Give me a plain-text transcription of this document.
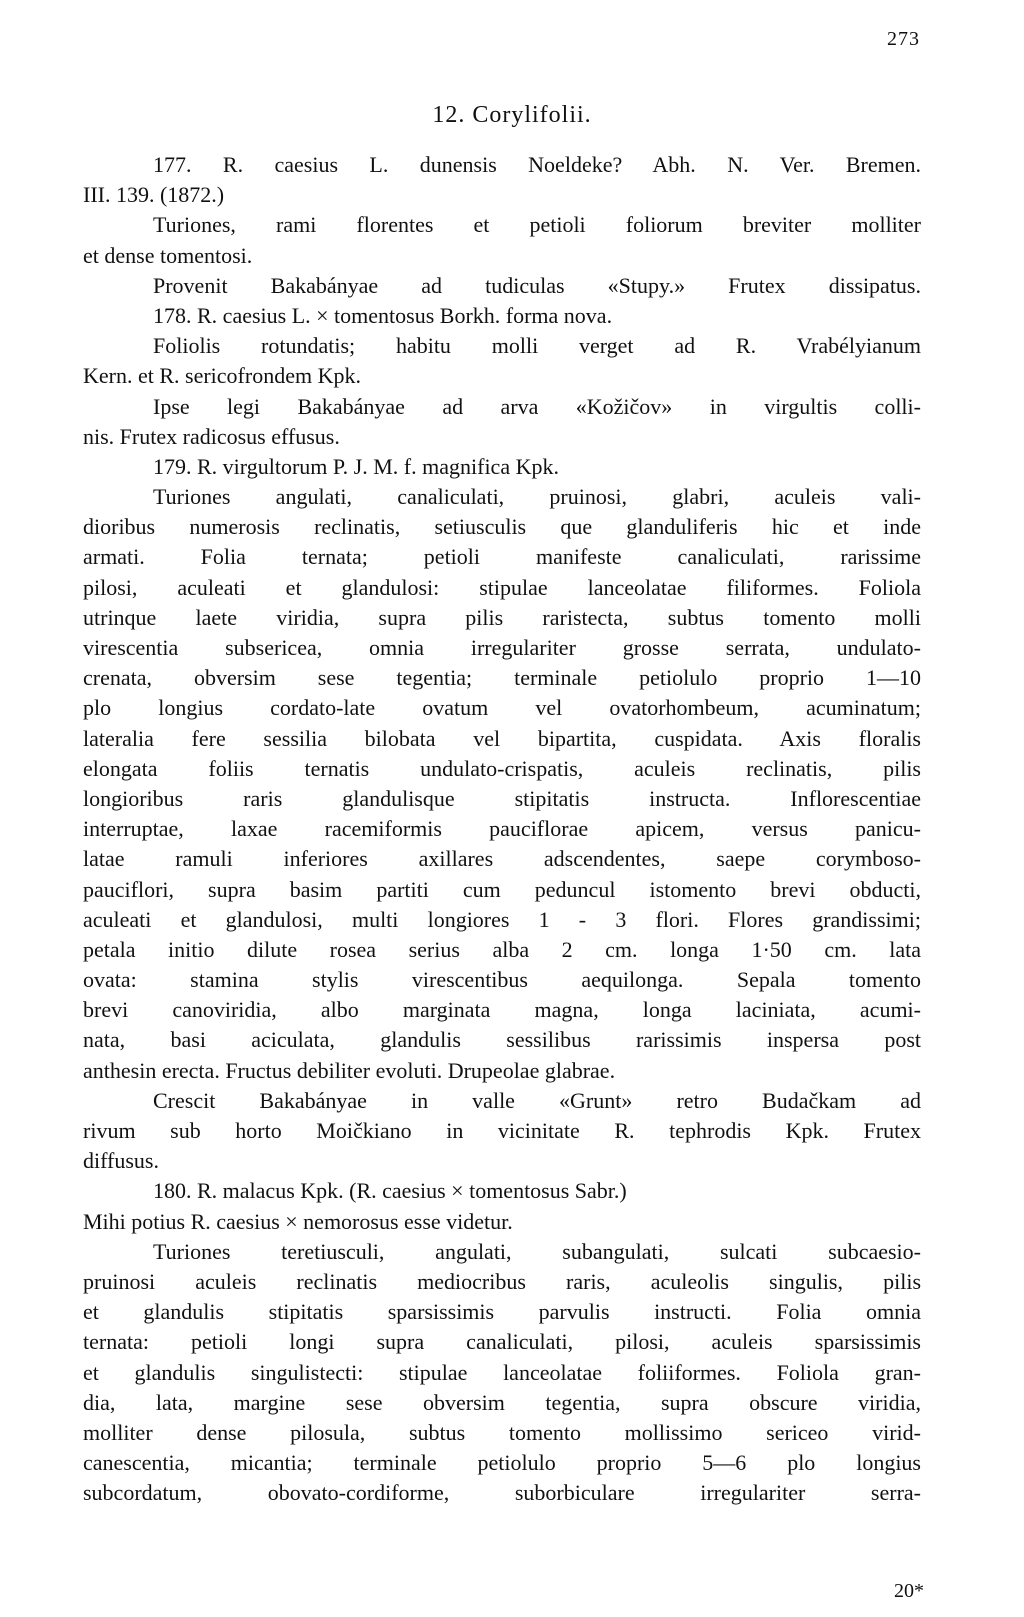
273
12. Corylifolii.
177. R. caesius L. dunensis Noeldeke? Abh. N. Ver. Bremen.
III. 139. (1872.)
Turiones, rami florentes et petioli foliorum breviter molliter
et dense tomentosi.
Provenit Bakabányae ad tudiculas «Stupy.» Frutex dissipatus.
178. R. caesius L. × tomentosus Borkh. forma nova.
Foliolis rotundatis; habitu molli verget ad R. Vrabélyianum
Kern. et R. sericofrondem Kpk.
Ipse legi Bakabányae ad arva «Kožičov» in virgultis colli-
nis. Frutex radicosus effusus.
179. R. virgultorum P. J. M. f. magnifica Kpk.
Turiones angulati, canaliculati, pruinosi, glabri, aculeis vali-
dioribus numerosis reclinatis, setiusculis que glanduliferis hic et inde
armati. Folia ternata; petioli manifeste canaliculati, rarissime
pilosi, aculeati et glandulosi: stipulae lanceolatae filiformes. Foliola
utrinque laete viridia, supra pilis raristecta, subtus tomento molli
virescentia subsericea, omnia irregulariter grosse serrata, undulato-
crenata, obversim sese tegentia; terminale petiolulo proprio 1—10
plo longius cordato-late ovatum vel ovatorhombeum, acuminatum;
lateralia fere sessilia bilobata vel bipartita, cuspidata. Axis floralis
elongata foliis ternatis undulato-crispatis, aculeis reclinatis, pilis
longioribus raris glandulisque stipitatis instructa. Inflorescentiae
interruptae, laxae racemiformis pauciflorae apicem, versus panicu-
latae ramuli inferiores axillares adscendentes, saepe corymboso-
pauciflori, supra basim partiti cum peduncul istomento brevi obducti,
aculeati et glandulosi, multi longiores 1 - 3 flori. Flores grandissimi;
petala initio dilute rosea serius alba 2 cm. longa 1·50 cm. lata
ovata: stamina stylis virescentibus aequilonga. Sepala tomento
brevi canoviridia, albo marginata magna, longa laciniata, acumi-
nata, basi aciculata, glandulis sessilibus rarissimis inspersa post
anthesin erecta. Fructus debiliter evoluti. Drupeolae glabrae.
Crescit Bakabányae in valle «Grunt» retro Budačkam ad
rivum sub horto Moičkiano in vicinitate R. tephrodis Kpk. Frutex
diffusus.
180. R. malacus Kpk. (R. caesius × tomentosus Sabr.)
Mihi potius R. caesius × nemorosus esse videtur.
Turiones teretiusculi, angulati, subangulati, sulcati subcaesio-
pruinosi aculeis reclinatis mediocribus raris, aculeolis singulis, pilis
et glandulis stipitatis sparsissimis parvulis instructi. Folia omnia
ternata: petioli longi supra canaliculati, pilosi, aculeis sparsissimis
et glandulis singulistecti: stipulae lanceolatae foliiformes. Foliola gran-
dia, lata, margine sese obversim tegentia, supra obscure viridia,
molliter dense pilosula, subtus tomento mollissimo sericeo virid-
canescentia, micantia; terminale petiolulo proprio 5—6 plo longius
subcordatum, obovato-cordiforme, suborbiculare irregulariter serra-
20*
